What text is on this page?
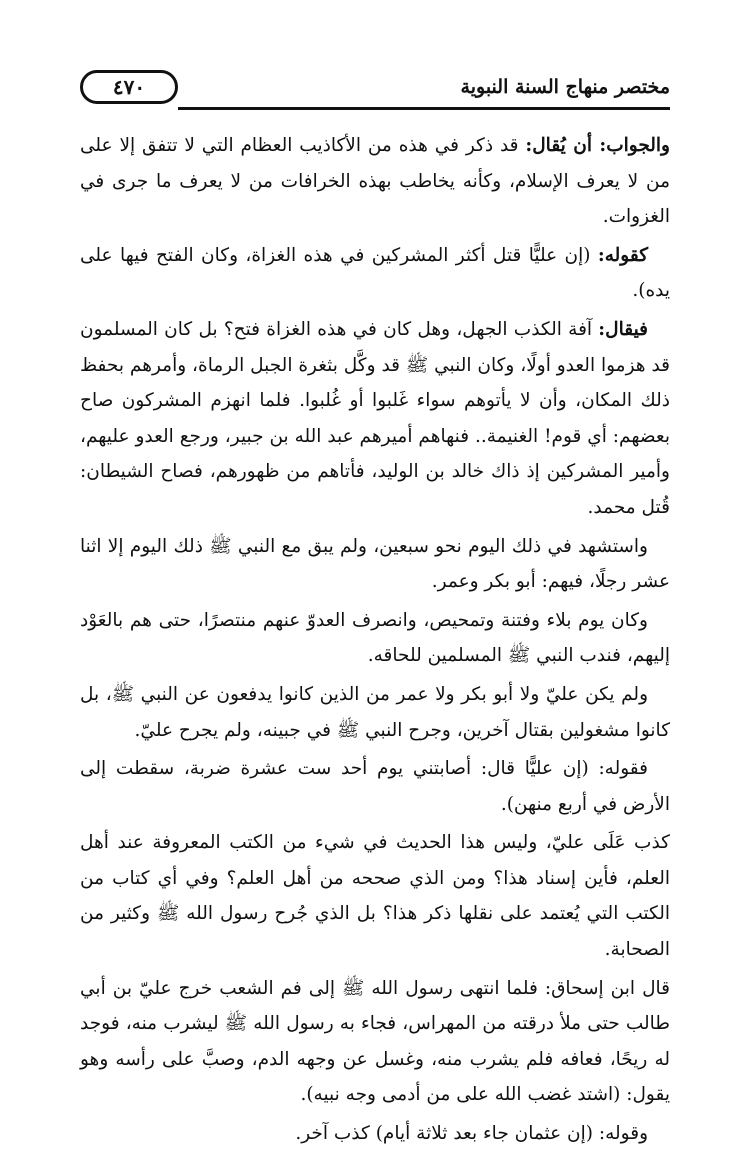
٤٧٠	مختصر منهاج السنة النبوية

والجواب: أن يُقال: قد ذكر في هذه من الأكاذيب العظام التي لا تتفق إلا على من لا يعرف الإسلام، وكأنه يخاطب بهذه الخرافات من لا يعرف ما جرى في الغزوات.

كقوله: (إن عليًّا قتل أكثر المشركين في هذه الغزاة، وكان الفتح فيها على يده).

فيقال: آفة الكذب الجهل، وهل كان في هذه الغزاة فتح؟ بل كان المسلمون قد هزموا العدو أولًا، وكان النبي ﷺ قد وكَّل بثغرة الجبل الرماة، وأمرهم بحفظ ذلك المكان، وأن لا يأتوهم سواء غَلبوا أو غُلبوا. فلما انهزم المشركون صاح بعضهم: أي قوم! الغنيمة.. فنهاهم أميرهم عبد الله بن جبير، ورجع العدو عليهم، وأمير المشركين إذ ذاك خالد بن الوليد، فأتاهم من ظهورهم، فصاح الشيطان: قُتل محمد.

واستشهد في ذلك اليوم نحو سبعين، ولم يبق مع النبي ﷺ ذلك اليوم إلا اثنا عشر رجلًا، فيهم: أبو بكر وعمر.

وكان يوم بلاء وفتنة وتمحيص، وانصرف العدوّ عنهم منتصرًا، حتى هم بالعَوْد إليهم، فندب النبي ﷺ المسلمين للحاقه.

ولم يكن عليّ ولا أبو بكر ولا عمر من الذين كانوا يدفعون عن النبي ﷺ، بل كانوا مشغولين بقتال آخرين، وجرح النبي ﷺ في جبينه، ولم يجرح عليّ.

فقوله: (إن عليًّا قال: أصابتني يوم أحد ست عشرة ضربة، سقطت إلى الأرض في أربع منهن).

كذب عَلَى عليّ، وليس هذا الحديث في شيء من الكتب المعروفة عند أهل العلم، فأين إسناد هذا؟ ومن الذي صححه من أهل العلم؟ وفي أي كتاب من الكتب التي يُعتمد على نقلها ذكر هذا؟ بل الذي جُرح رسول الله ﷺ وكثير من الصحابة.

قال ابن إسحاق: فلما انتهى رسول الله ﷺ إلى فم الشعب خرج عليّ بن أبي طالب حتى ملأ درقته من المهراس، فجاء به رسول الله ﷺ ليشرب منه، فوجد له ريحًا، فعافه فلم يشرب منه، وغسل عن وجهه الدم، وصبَّ على رأسه وهو يقول: (اشتد غضب الله على من أدمى وجه نبيه).

وقوله: (إن عثمان جاء بعد ثلاثة أيام) كذب آخر.
